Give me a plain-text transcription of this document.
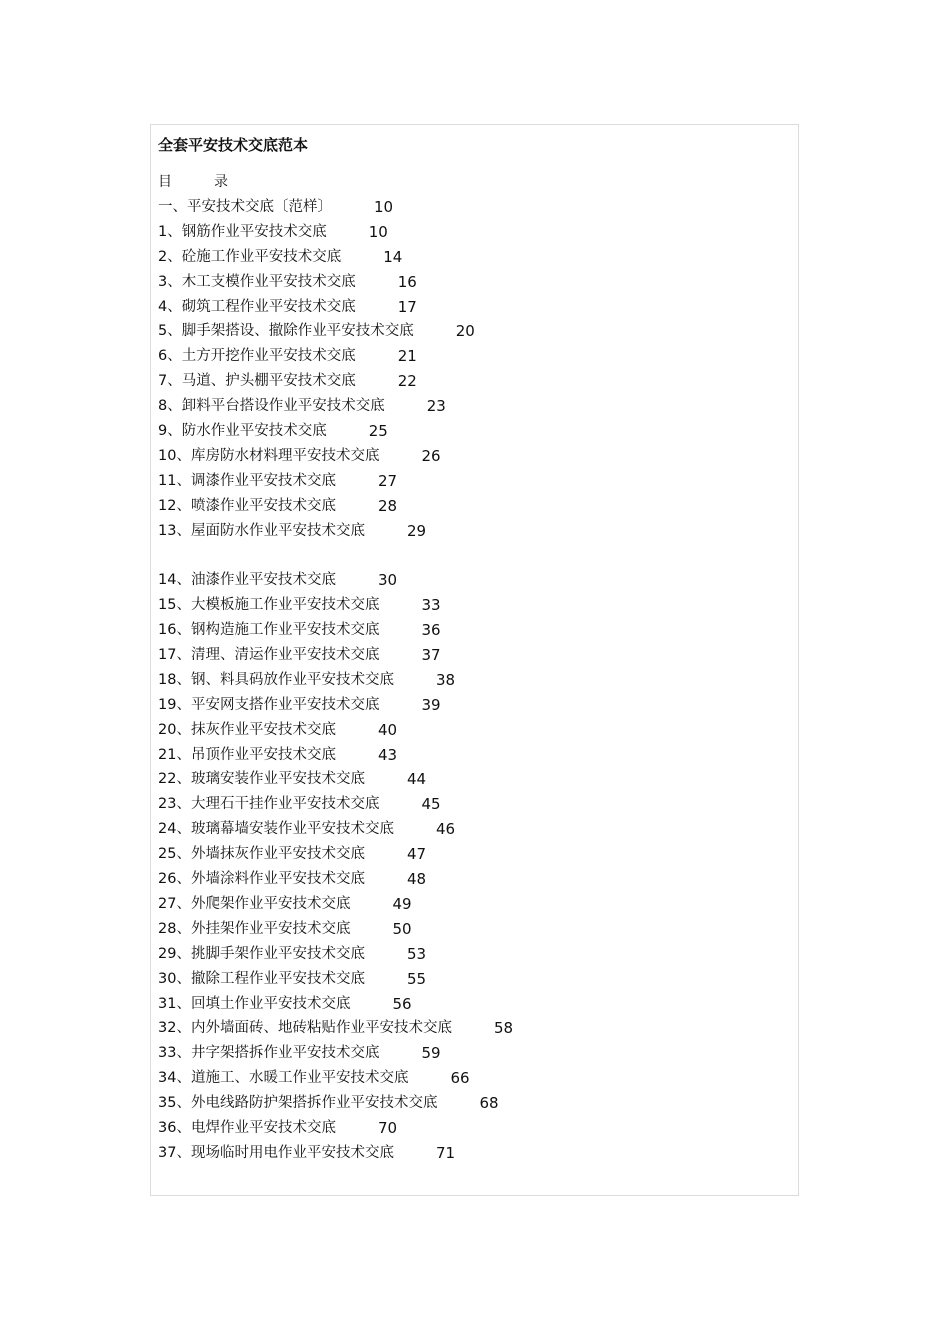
全套平安技术交底范本
目	录
一、平安技术交底〔范样〕	10
1、钢筋作业平安技术交底	10
2、砼施工作业平安技术交底	14
3、木工支模作业平安技术交底	16
4、砌筑工程作业平安技术交底	17
5、脚手架搭设、撤除作业平安技术交底	20
6、土方开挖作业平安技术交底	21
7、马道、护头棚平安技术交底	22
8、卸料平台搭设作业平安技术交底	23
9、防水作业平安技术交底	25
10、库房防水材料理平安技术交底	26
11、调漆作业平安技术交底	27
12、喷漆作业平安技术交底	28
13、屋面防水作业平安技术交底	29
14、油漆作业平安技术交底	30
15、大模板施工作业平安技术交底	33
16、钢构造施工作业平安技术交底	36
17、清理、清运作业平安技术交底	37
18、钢、料具码放作业平安技术交底	38
19、平安网支搭作业平安技术交底	39
20、抹灰作业平安技术交底	40
21、吊顶作业平安技术交底	43
22、玻璃安装作业平安技术交底	44
23、大理石干挂作业平安技术交底	45
24、玻璃幕墙安装作业平安技术交底	46
25、外墙抹灰作业平安技术交底	47
26、外墙涂料作业平安技术交底	48
27、外爬架作业平安技术交底	49
28、外挂架作业平安技术交底	50
29、挑脚手架作业平安技术交底	53
30、撤除工程作业平安技术交底	55
31、回填土作业平安技术交底	56
32、内外墙面砖、地砖粘贴作业平安技术交底	58
33、井字架搭拆作业平安技术交底	59
34、道施工、水暖工作业平安技术交底	66
35、外电线路防护架搭拆作业平安技术交底	68
36、电焊作业平安技术交底	70
37、现场临时用电作业平安技术交底	71
